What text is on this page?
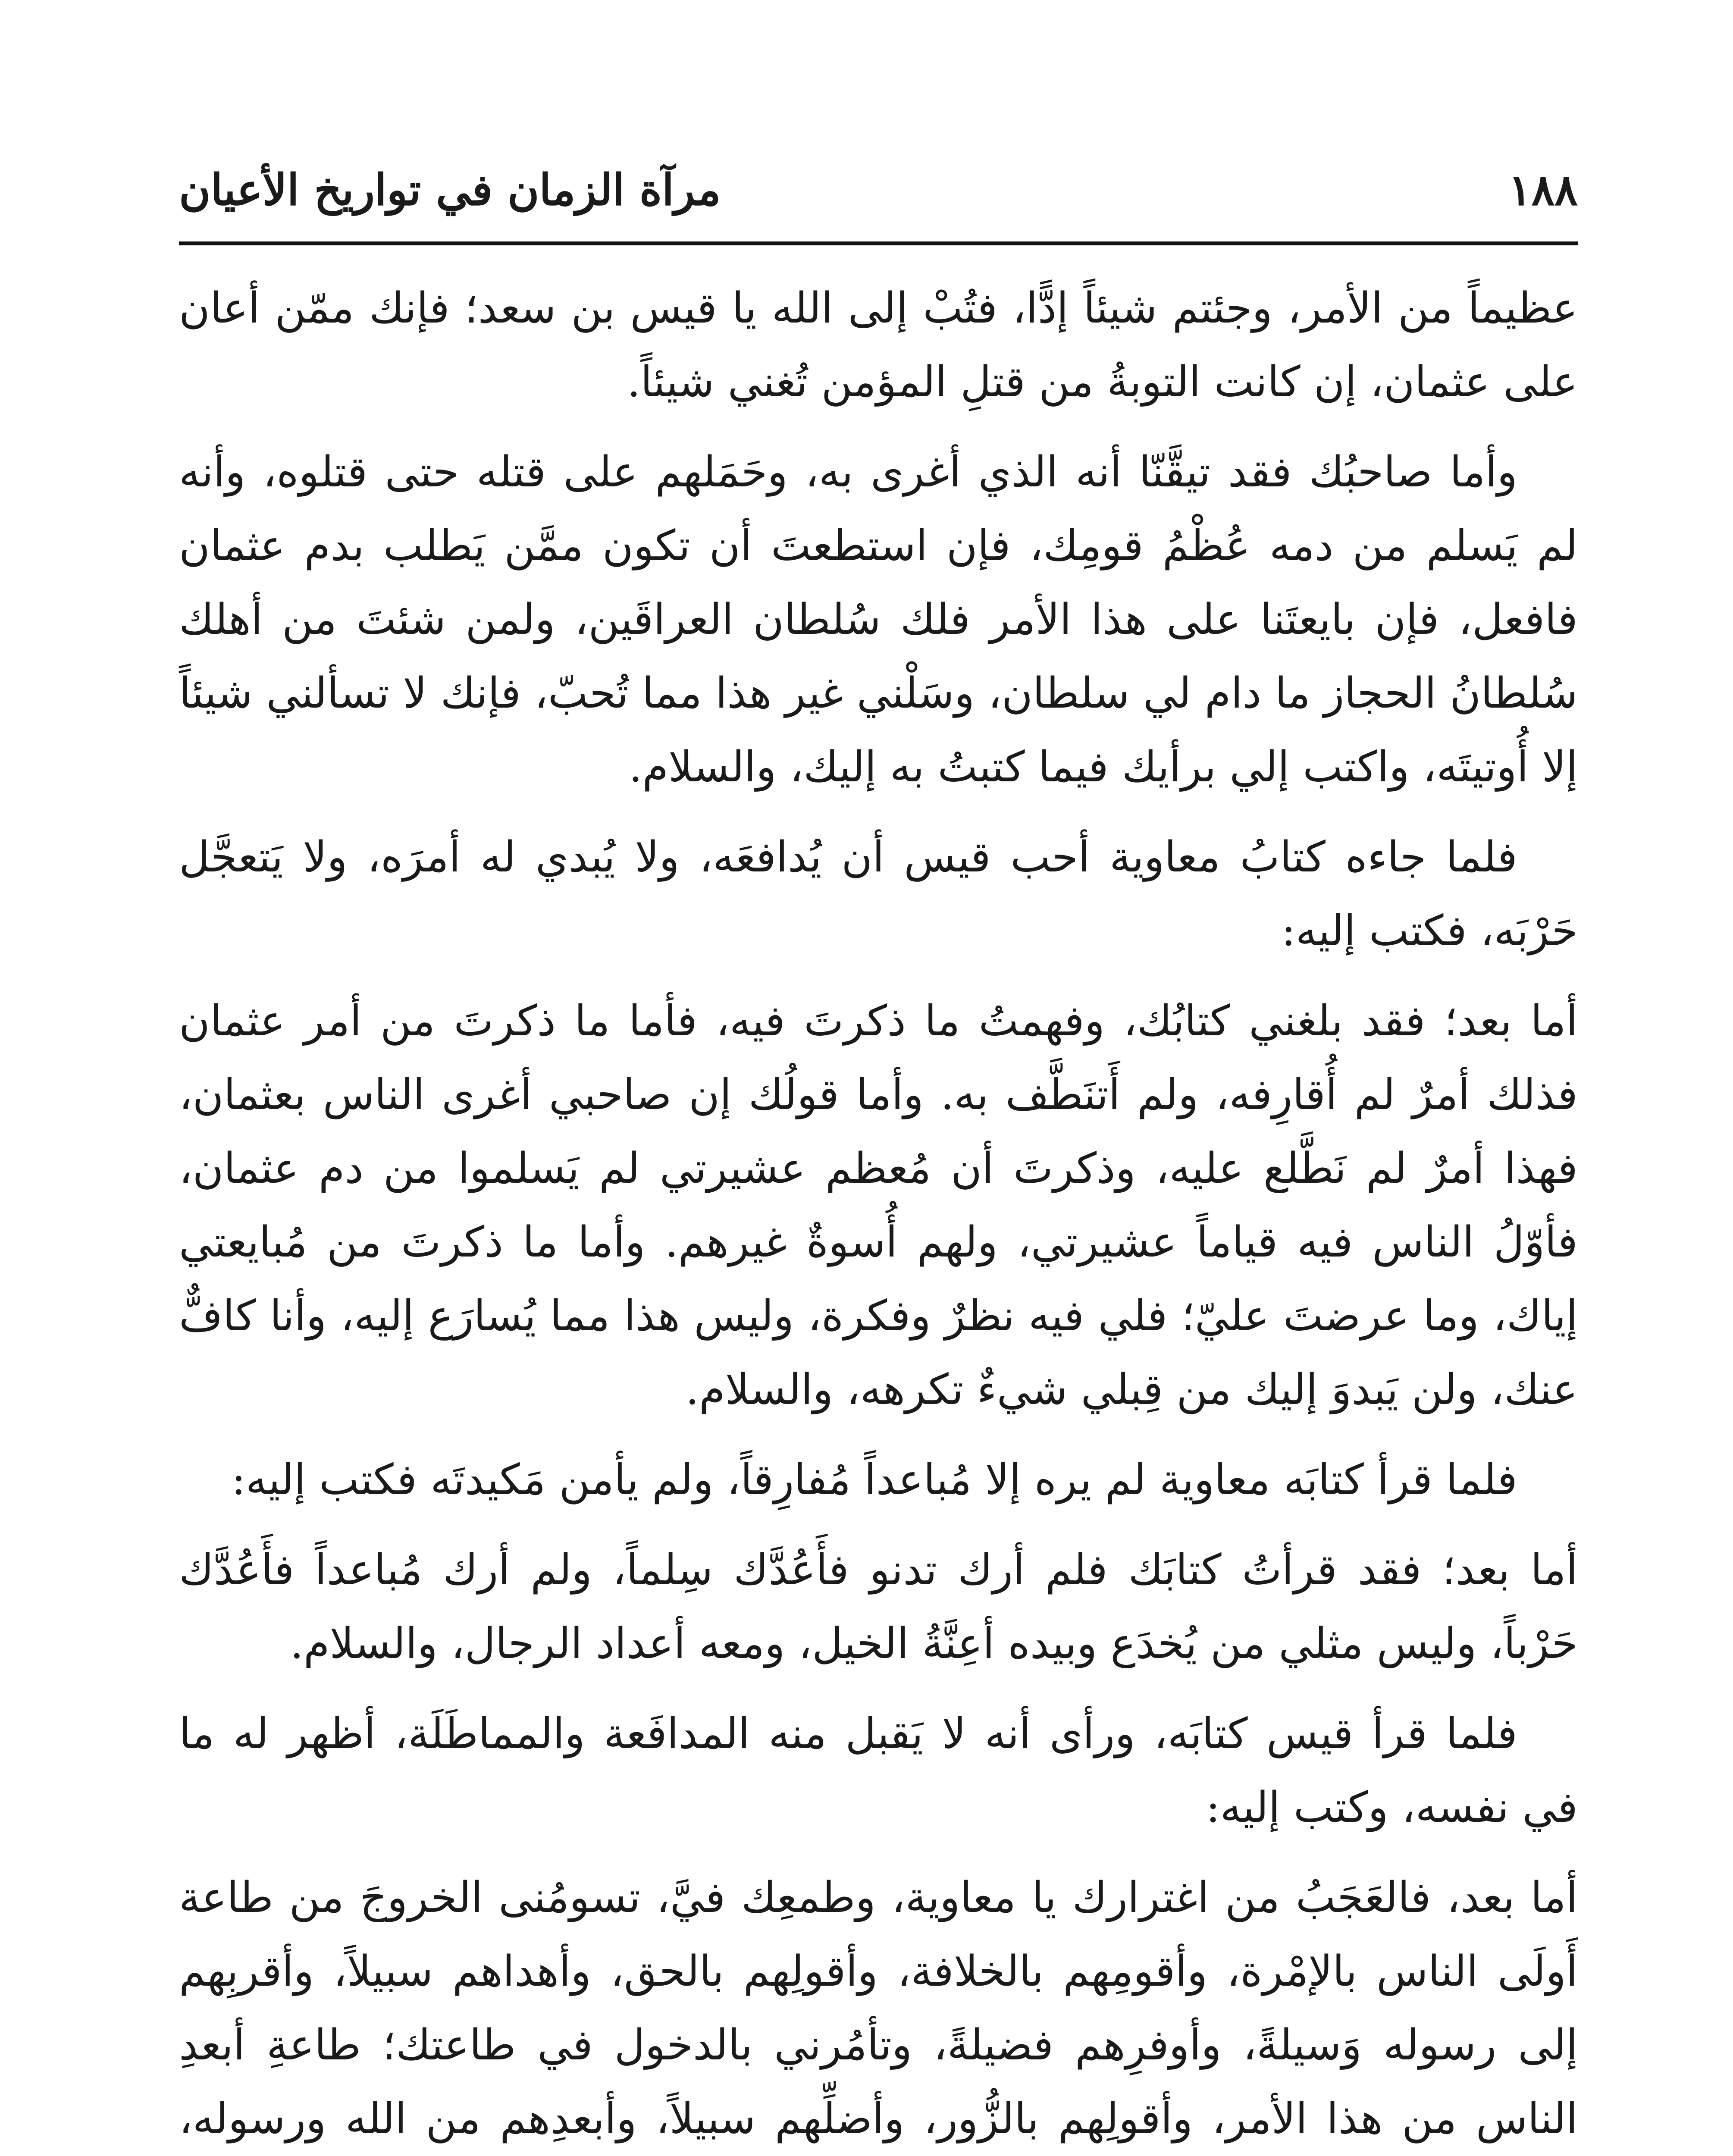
١٨٨
مرآة الزمان في تواريخ الأعيان

عظيماً من الأمر، وجئتم شيئاً إدًّا، فتُبْ إلى الله يا قيس بن سعد؛ فإنك ممّن أعان على عثمان، إن كانت التوبةُ من قتلِ المؤمن تُغني شيئاً.

وأما صاحبُك فقد تيقَّنّا أنه الذي أغرى به، وحَمَلهم على قتله حتى قتلوه، وأنه لم يَسلم من دمه عُظْمُ قومِك، فإن استطعتَ أن تكون ممَّن يَطلب بدم عثمان فافعل، فإن بايعتَنا على هذا الأمر فلك سُلطان العراقَين، ولمن شئتَ من أهلك سُلطانُ الحجاز ما دام لي سلطان، وسَلْني غير هذا مما تُحبّ، فإنك لا تسألني شيئاً إلا أُوتيتَه، واكتب إلي برأيك فيما كتبتُ به إليك، والسلام.

فلما جاءه كتابُ معاوية أحب قيس أن يُدافعَه، ولا يُبدي له أمرَه، ولا يَتعجَّل حَرْبَه، فكتب إليه:

أما بعد؛ فقد بلغني كتابُك، وفهمتُ ما ذكرتَ فيه، فأما ما ذكرتَ من أمر عثمان فذلك أمرٌ لم أُقارِفه، ولم أَتنَطَّف به. وأما قولُك إن صاحبي أغرى الناس بعثمان، فهذا أمرٌ لم نَطَّلع عليه، وذكرتَ أن مُعظم عشيرتي لم يَسلموا من دم عثمان، فأوّلُ الناس فيه قياماً عشيرتي، ولهم أُسوةٌ غيرهم. وأما ما ذكرتَ من مُبايعتي إياك، وما عرضتَ عليّ؛ فلي فيه نظرٌ وفكرة، وليس هذا مما يُسارَع إليه، وأنا كافٌّ عنك، ولن يَبدوَ إليك من قِبلي شيءٌ تكرهه، والسلام.

فلما قرأ كتابَه معاوية لم يره إلا مُباعداً مُفارِقاً، ولم يأمن مَكيدتَه فكتب إليه:

أما بعد؛ فقد قرأتُ كتابَك فلم أرك تدنو فأَعُدَّك سِلماً، ولم أرك مُباعداً فأَعُدَّك حَرْباً، وليس مثلي من يُخدَع وبيده أعِنَّةُ الخيل، ومعه أعداد الرجال، والسلام.

فلما قرأ قيس كتابَه، ورأى أنه لا يَقبل منه المدافَعة والمماطَلَة، أظهر له ما في نفسه، وكتب إليه:

أما بعد، فالعَجَبُ من اغترارك يا معاوية، وطمعِك فيَّ، تسومُنى الخروجَ من طاعة أَولَى الناس بالإمْرة، وأقومِهم بالخلافة، وأقولِهم بالحق، وأهداهم سبيلاً، وأقربِهم إلى رسوله وَسيلةً، وأوفرِهم فضيلةً، وتأمُرني بالدخول في طاعتك؛ طاعةِ أبعدِ الناس من هذا الأمر، وأقولِهم بالزُّور، وأضلِّهم سبيلاً، وأبعدِهم من الله ورسوله،
